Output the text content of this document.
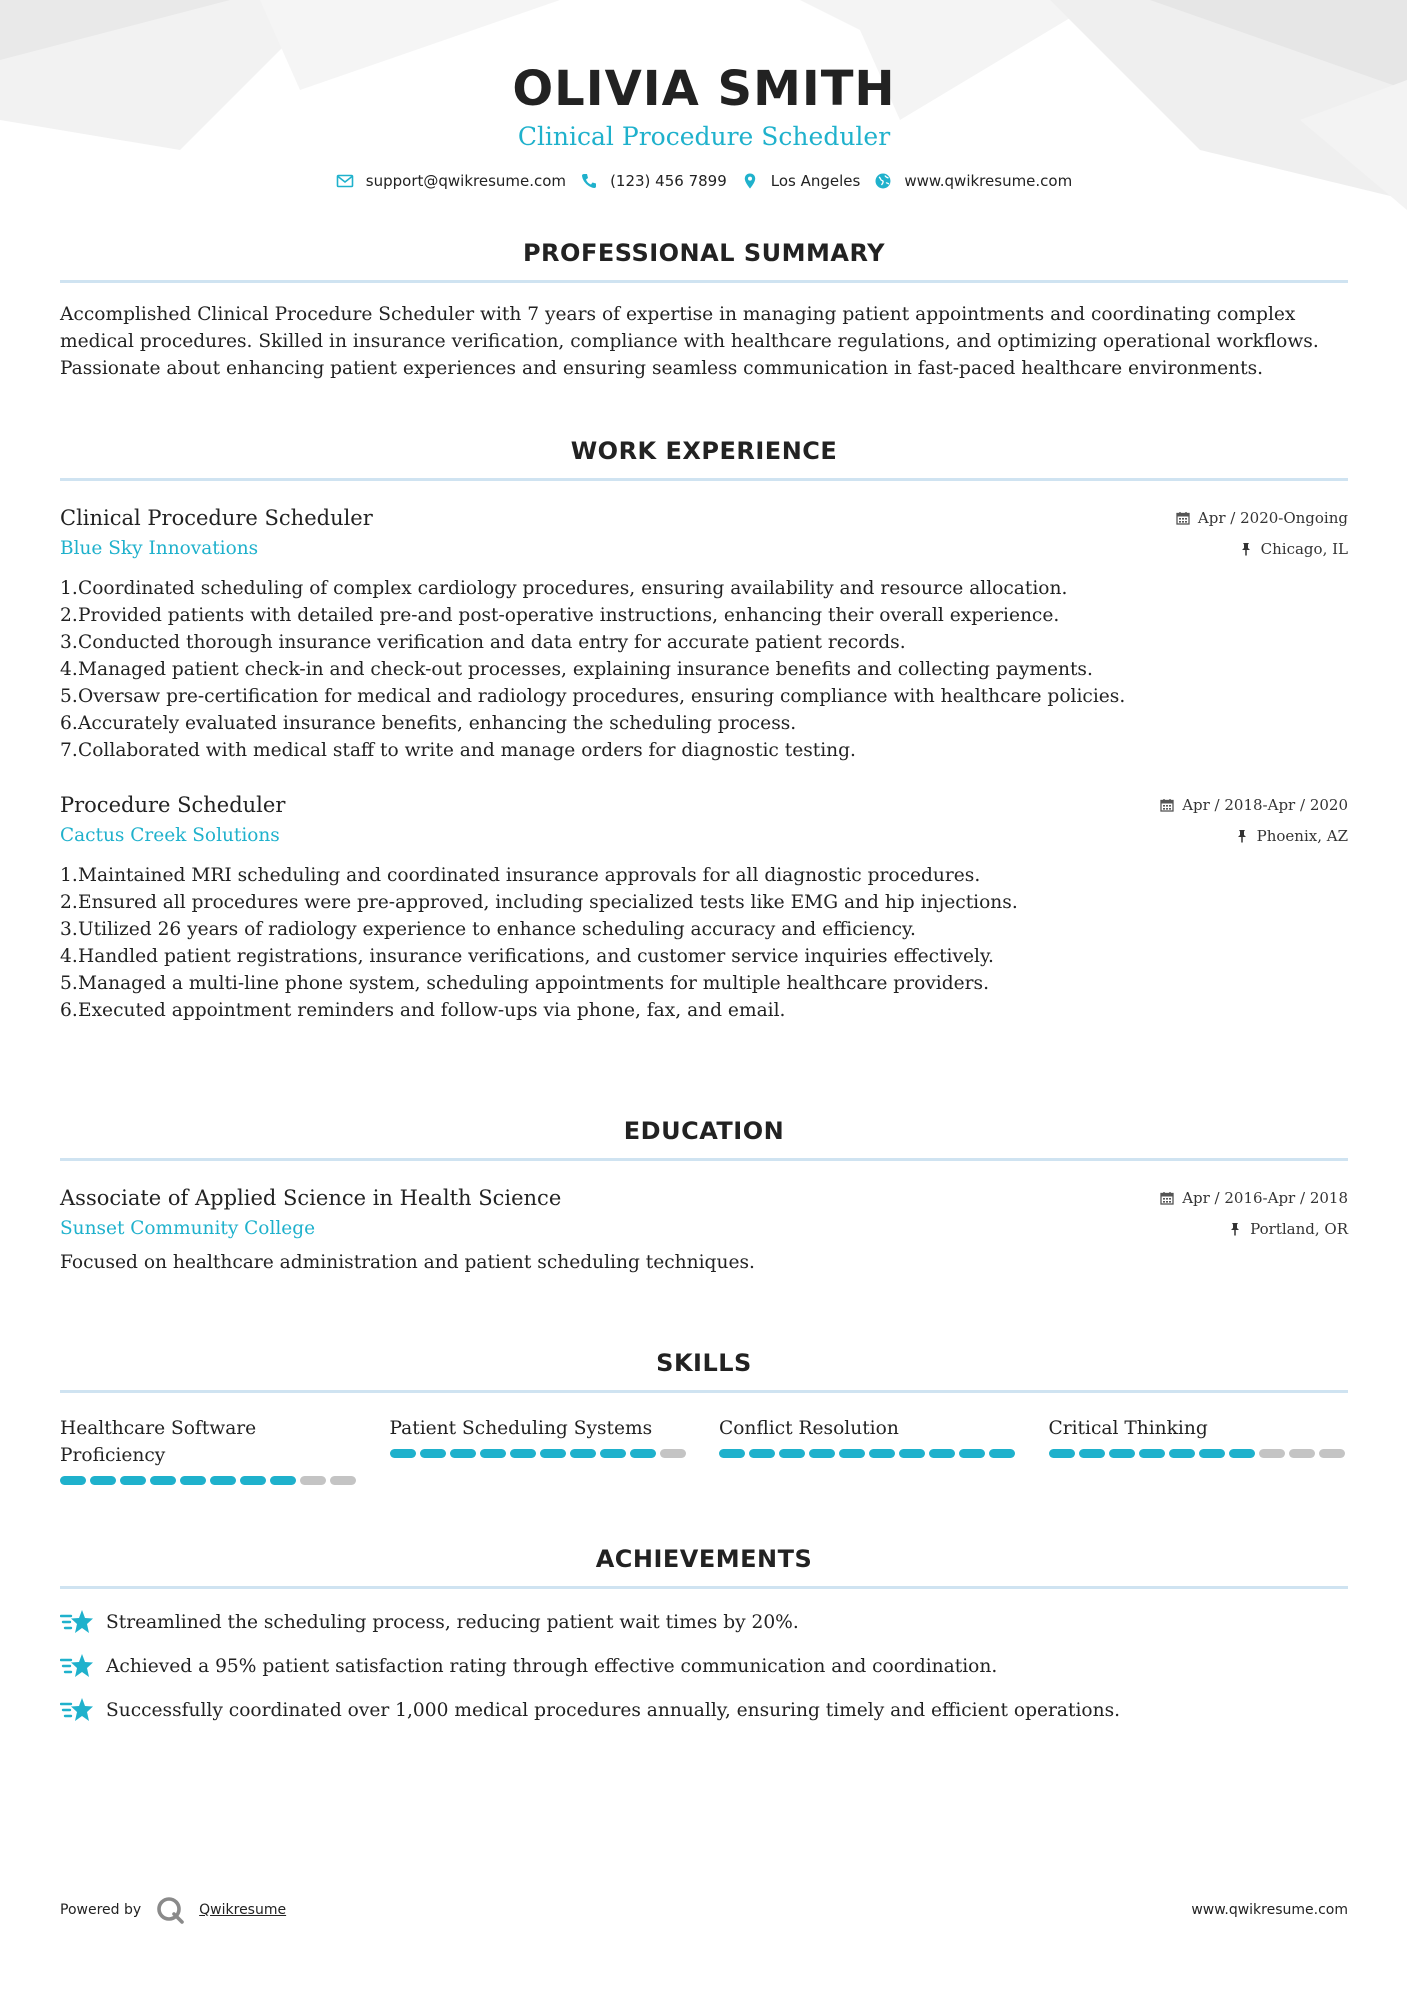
OLIVIA SMITH
Clinical Procedure Scheduler
support@qwikresume.com	(123) 456 7899	Los Angeles	www.qwikresume.com
PROFESSIONAL SUMMARY
Accomplished Clinical Procedure Scheduler with 7 years of expertise in managing patient appointments and coordinating complex medical procedures. Skilled in insurance verification, compliance with healthcare regulations, and optimizing operational workflows. Passionate about enhancing patient experiences and ensuring seamless communication in fast-paced healthcare environments.
WORK EXPERIENCE
Clinical Procedure Scheduler	Apr / 2020-Ongoing
Blue Sky Innovations	Chicago, IL
1. Coordinated scheduling of complex cardiology procedures, ensuring availability and resource allocation.
2. Provided patients with detailed pre-and post-operative instructions, enhancing their overall experience.
3. Conducted thorough insurance verification and data entry for accurate patient records.
4. Managed patient check-in and check-out processes, explaining insurance benefits and collecting payments.
5. Oversaw pre-certification for medical and radiology procedures, ensuring compliance with healthcare policies.
6. Accurately evaluated insurance benefits, enhancing the scheduling process.
7. Collaborated with medical staff to write and manage orders for diagnostic testing.
Procedure Scheduler	Apr / 2018-Apr / 2020
Cactus Creek Solutions	Phoenix, AZ
1. Maintained MRI scheduling and coordinated insurance approvals for all diagnostic procedures.
2. Ensured all procedures were pre-approved, including specialized tests like EMG and hip injections.
3. Utilized 26 years of radiology experience to enhance scheduling accuracy and efficiency.
4. Handled patient registrations, insurance verifications, and customer service inquiries effectively.
5. Managed a multi-line phone system, scheduling appointments for multiple healthcare providers.
6. Executed appointment reminders and follow-ups via phone, fax, and email.
EDUCATION
Associate of Applied Science in Health Science	Apr / 2016-Apr / 2018
Sunset Community College	Portland, OR
Focused on healthcare administration and patient scheduling techniques.
SKILLS
Healthcare Software Proficiency
Patient Scheduling Systems	Conflict Resolution	Critical Thinking
ACHIEVEMENTS
Streamlined the scheduling process, reducing patient wait times by 20%.
Achieved a 95% patient satisfaction rating through effective communication and coordination.
Successfully coordinated over 1,000 medical procedures annually, ensuring timely and efficient operations.
Powered by	Qwikresume	www.qwikresume.com
